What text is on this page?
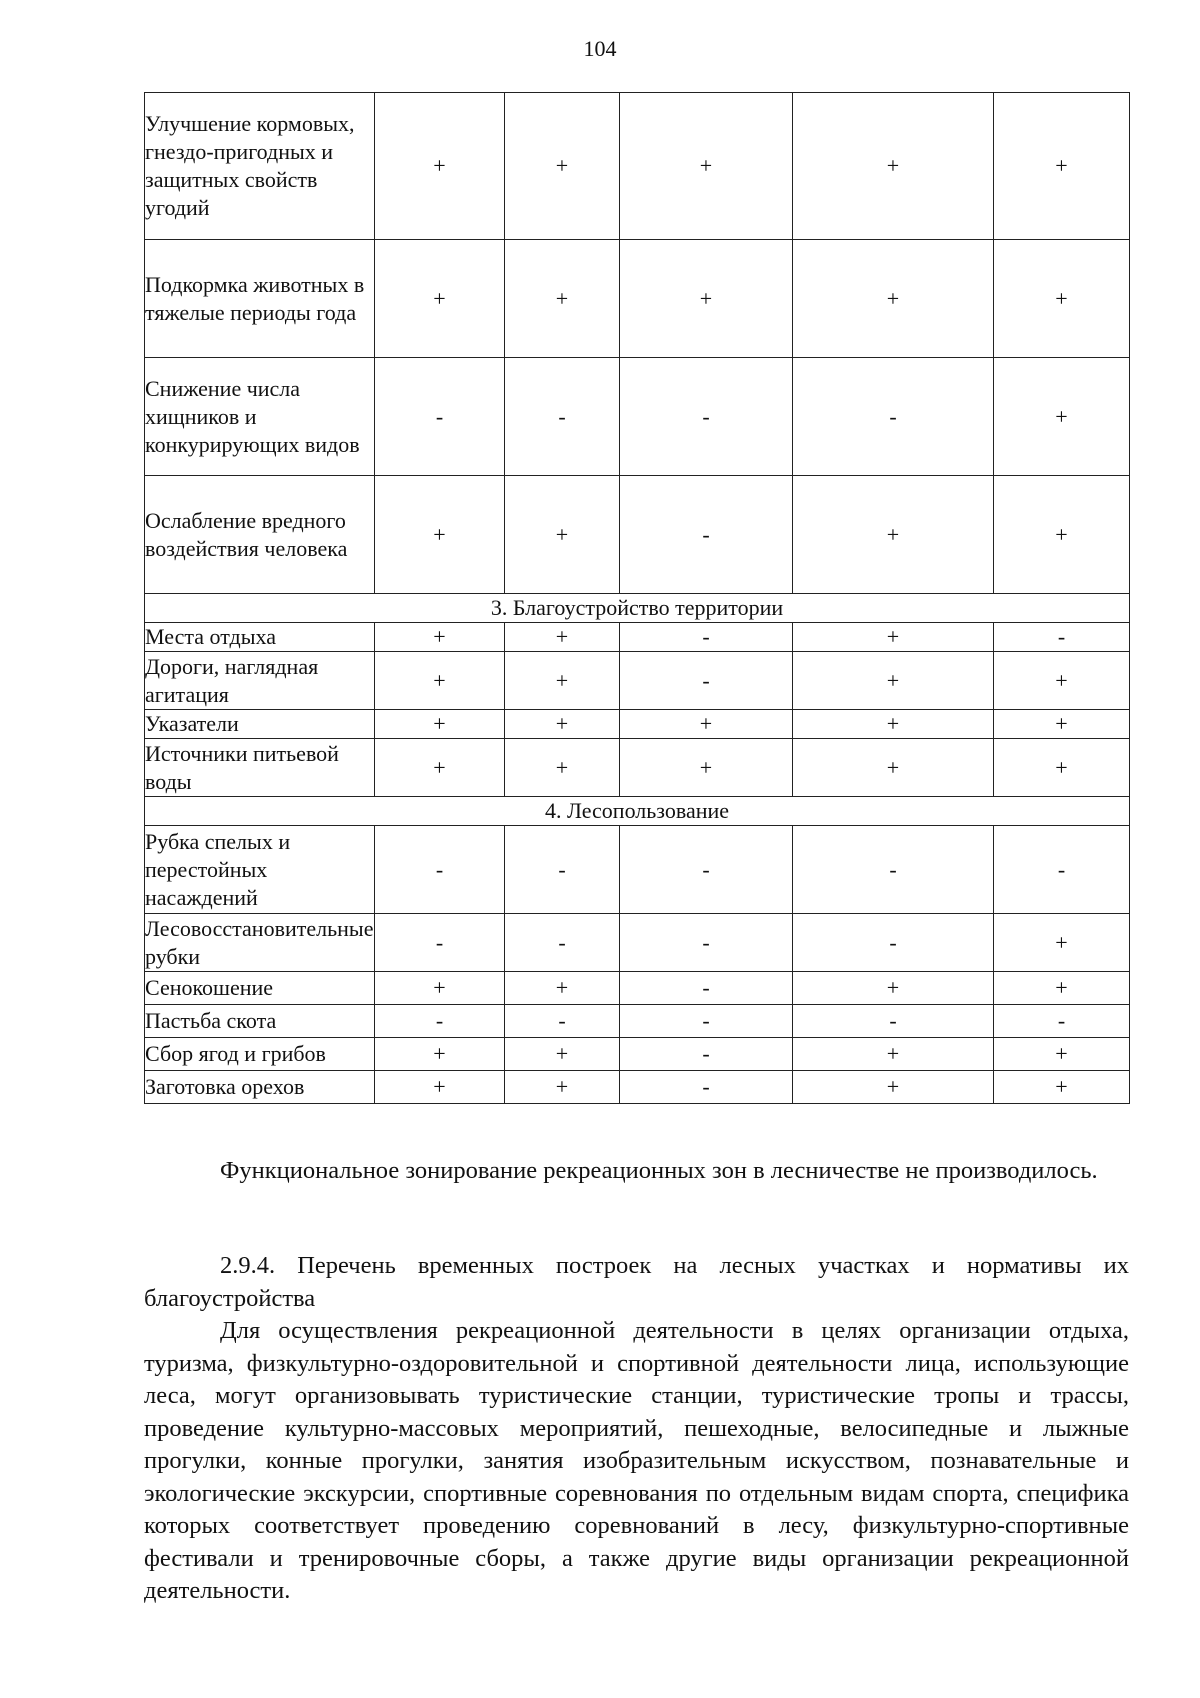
104
Улучшение кормовых, гнездо-пригодных и защитных свойств угодий	+	+	+	+	+
Подкормка животных в тяжелые периоды года	+	+	+	+	+
Снижение числа хищников и конкурирующих видов	-	-	-	-	+
Ослабление вредного воздействия человека	+	+	-	+	+
3. Благоустройство территории					
Места отдыха	+	+	-	+	-
Дороги, наглядная агитация	+	+	-	+	+
Указатели	+	+	+	+	+
Источники питьевой воды	+	+	+	+	+
4. Лесопользование					
Рубка спелых и перестойных насаждений	-	-	-	-	-
Лесовосстановительные рубки	-	-	-	-	+
Сенокошение	+	+	-	+	+
Пастьба скота	-	-	-	-	-
Сбор ягод и грибов	+	+	-	+	+
Заготовка орехов	+	+	-	+	+

Функциональное зонирование рекреационных зон в лесничестве не производилось.

2.9.4. Перечень временных построек на лесных участках и нормативы их благоустройства

Для осуществления рекреационной деятельности в целях организации отдыха, туризма, физкультурно-оздоровительной и спортивной деятельности лица, использующие леса, могут организовывать туристические станции, туристические тропы и трассы, проведение культурно-массовых мероприятий, пешеходные, велосипедные и лыжные прогулки, конные прогулки, занятия изобразительным искусством, познавательные и экологические экскурсии, спортивные соревнования по отдельным видам спорта, специфика которых соответствует проведению соревнований в лесу, физкультурно-спортивные фестивали и тренировочные сборы, а также другие виды организации рекреационной деятельности.
